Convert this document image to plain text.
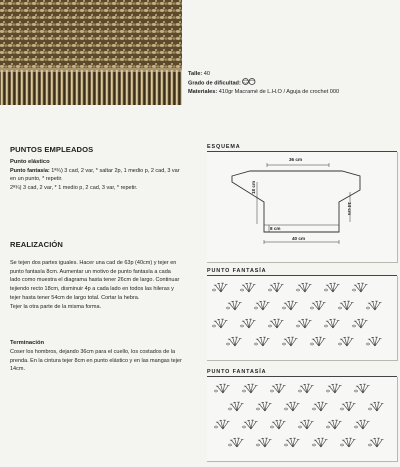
Talle: 40
Grado de dificultad:
Materiales: 410gr Macramé de L.H.O / Aguja de crochet 000
PUNTOS EMPLEADOS

Punto elástico

Punto fantasía: 1ª¾) 3 cad, 2 var, * saltar 2p, 1 medio p, 2 cad, 3 var

en un punto, * repetir.

2ª¾) 3 cad, 2 var, * 1 medio p, 2 cad, 3 var, * repetir.

REALIZACIÓN

Se tejen dos partes iguales. Hacer una cad de 63p (40cm) y tejer en

punto fantasía 8cm. Aumentar un motivo de punto fantasía a cada

lado como muestra el diagrama hasta tener 26cm de largo. Continuar

tejiendo recto 18cm, disminuir 4p a cada lado en todos las hileras y

tejer hasta tener 54cm de largo total. Cortar la hebra.

Tejer la otra parte de la misma forma.

Terminación

Coser los hombros, dejando 36cm para el cuello, los costados de la

prenda. En la cintura tejer 8cm en punto elástico y en las mangas tejer

14cm.

ESQUEMA
36 cm
18 cm
14 cm
8 cm
40 cm
PUNTO FANTASÍA
PUNTO FANTASÍA
